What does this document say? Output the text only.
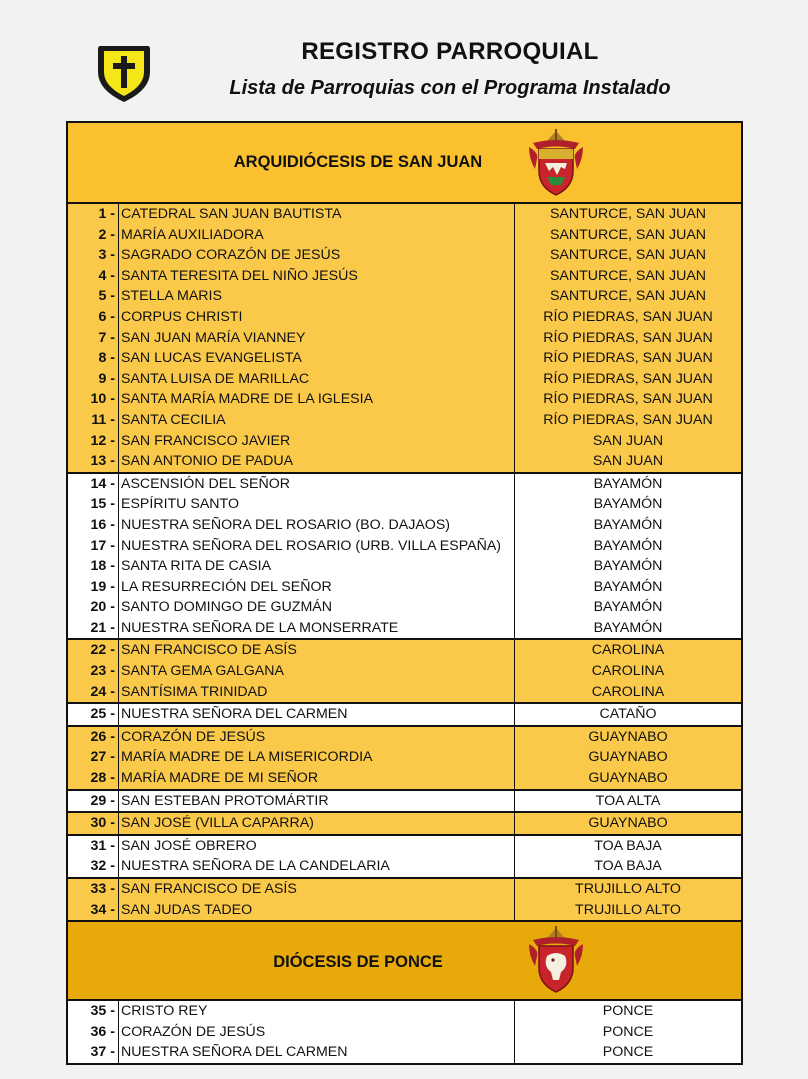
REGISTRO PARROQUIAL
Lista de Parroquias con el Programa Instalado
ARQUIDIÓCESIS DE SAN JUAN
1 - CATEDRAL SAN JUAN BAUTISTA	SANTURCE, SAN JUAN
2 - MARÍA AUXILIADORA	SANTURCE, SAN JUAN
3 - SAGRADO CORAZÓN DE JESÚS	SANTURCE, SAN JUAN
4 - SANTA TERESITA DEL NIÑO JESÚS	SANTURCE, SAN JUAN
5 - STELLA MARIS	SANTURCE, SAN JUAN
6 - CORPUS CHRISTI	RÍO PIEDRAS, SAN JUAN
7 - SAN JUAN MARÍA VIANNEY	RÍO PIEDRAS, SAN JUAN
8 - SAN LUCAS EVANGELISTA	RÍO PIEDRAS, SAN JUAN
9 - SANTA LUISA DE MARILLAC	RÍO PIEDRAS, SAN JUAN
10 - SANTA MARÍA MADRE DE LA IGLESIA	RÍO PIEDRAS, SAN JUAN
11 - SANTA CECILIA	RÍO PIEDRAS, SAN JUAN
12 - SAN FRANCISCO JAVIER	SAN JUAN
13 - SAN ANTONIO DE PADUA	SAN JUAN
14 - ASCENSIÓN DEL SEÑOR	BAYAMÓN
15 - ESPÍRITU SANTO	BAYAMÓN
16 - NUESTRA SEÑORA DEL ROSARIO (BO. DAJAOS)	BAYAMÓN
17 - NUESTRA SEÑORA DEL ROSARIO (URB. VILLA ESPAÑA)	BAYAMÓN
18 - SANTA RITA DE CASIA	BAYAMÓN
19 - LA RESURRECIÓN DEL SEÑOR	BAYAMÓN
20 - SANTO DOMINGO DE GUZMÁN	BAYAMÓN
21 - NUESTRA SEÑORA DE LA MONSERRATE	BAYAMÓN
22 - SAN FRANCISCO DE ASÍS	CAROLINA
23 - SANTA GEMA GALGANA	CAROLINA
24 - SANTÍSIMA TRINIDAD	CAROLINA
25 - NUESTRA SEÑORA DEL CARMEN	CATAÑO
26 - CORAZÓN DE JESÚS	GUAYNABO
27 - MARÍA MADRE DE LA MISERICORDIA	GUAYNABO
28 - MARÍA MADRE DE MI SEÑOR	GUAYNABO
29 - SAN ESTEBAN PROTOMÁRTIR	TOA ALTA
30 - SAN JOSÉ (VILLA CAPARRA)	GUAYNABO
31 - SAN JOSÉ OBRERO	TOA BAJA
32 - NUESTRA SEÑORA DE LA CANDELARIA	TOA BAJA
33 - SAN FRANCISCO DE ASÍS	TRUJILLO ALTO
34 - SAN JUDAS TADEO	TRUJILLO ALTO
DIÓCESIS DE PONCE
35 - CRISTO REY	PONCE
36 - CORAZÓN DE JESÚS	PONCE
37 - NUESTRA SEÑORA DEL CARMEN	PONCE
